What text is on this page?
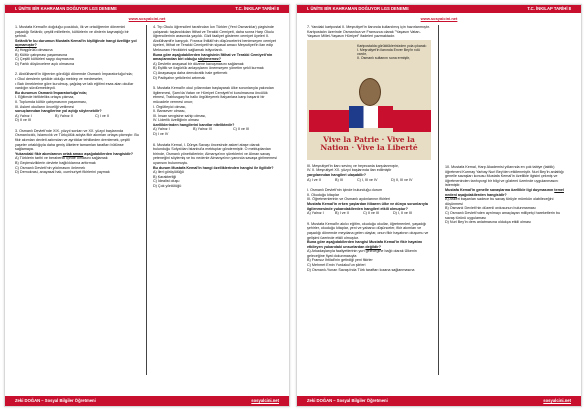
I. ÜNİTE BİR KAHRAMAN DOĞUYOR LGS DENEME	T.C. İNKILAP TARİHİ 8
www.sosyalcini.net

1. Mustafa Kemal'in doğduğu çocukluk, ilk ve ortaöğrenim dönemini yaşadığı Selânik; çeşitli milletlerin, kültürlerin ve dinlerin kaynaştığı bir şehirdi.

Selânik'te bu durumun Mustafa Kemal'in kişiliğinde hangi özelliğe yol açmamıştır?

A) Hoşgörülü olmasına

B) Kültür çatışması yaşamasına

C) Çeşitli kültürleri saygı duymasına

D) Farklı düşüncelere açık olmasına

2. Abdülhamit'in öğrenim gördüğü dönemde Osmanlı İmparatorluğu'nda;

• Okul derslerin şekilde olduğu mektep ve medreseler,

• Batı örneklerine göre kurulmuş, çağdaş ve laik eğitimi esas alan okullar vardığın sürdürmekteydi.

Bu durumun Osmanlı İmparatorluğu'nda;

I. Eğitimde birlikteliks ortaya çıkmaz,

II. Toplumda kültür çatışmasının yaşanması,

III. Askeri okulların önceliği vetilmesi

sonuçlarından hangilerine yol açtığı söylenebilir?

A) Yalnız I	B) Yalnız II	C) I ve II
D) II ve III

3. Osmanlı Devleti'nde XIX. yüzyıl sonları ve XX. yüzyıl başlarında Osmanlıcılık, İslamcılık ve Türkçülük adıyla fikir akımları ortaya çıkmıştır. Bu fikir akımları devleti azlımdan ve ayrılıklar tehlikeden drenlemek, çeşitli yaşeler ortaklığıyla daha geniş ülkelere tamamlan tarafları bütünse sağlamaya.

Yukarıdaki fikir akımlarının ortak amacı aşağıdakilerden hangisidir?

A) Türklerin tarihi ve beraberlik içinde olmasını sağlamak

B) Geçimsizliklerin devlete bağlılıklarına arttırmak

C) Osmanlı Devleti'nin yıkılmasını önlemek

D) Demokrasi, anayasal hak, cumhuriyet fikirlerini yaymak

4. Trp Okulu öğrencileri tarafından İon Türkler (Yeni Osmanlılar) çizgisinde çalışarak: taşlandıkdan İttihat ve Terakki Cemiyeti, daha sonra Harp Okulu öğrencilerinin arasında yayıldı. Gizli faaliyet gösteren cemiyet üyeleri II. Abdülhamit'e karşıydı. Fransız İhtilâli'nin düşüncelerini benimseyen cemiyet üyeleri, İttihat ve Terakki Cemiyeti'nin siyasal amacı Meşrutiyet'in ilan edip Meksuranı Heckkirini sağlamak istiyorlardı.

Buna göre aşağıdakilerden hangisinin İttihat ve Terakki Cemiyeti'nin amaçlarından biri olduğu söylenemez?

A) Devletin anayasal bir düzene kavuşmasını sağlamak

B) Eşitlik ve özgürlük anlayışlarını önemseyen yönetim şekli kurmak

C) Anayasaya daha demokratik hale getirmek

D) Padişahın yetkilerini artırmak

5. Mustafa Kemal'in okul yıllarından başlayarak ülke sorunlarıyla yakından ilgilenmesi, Şam'da Vatan ve Hürriyet Cemiyeti'ni kurulmasına öncülük etmesi, Trablusgarp'ta halkı örgütleyerek İtalyanlara karşı başarılı bir mücadele vermesi onun;

I. Örgütleyici olması,

II. Bansever olması,

III. İnsan sevgisine sahip olması,

IV. Liderlik özelliğinin olması

özelliklerinden hangilerini kanıtlar niteliktedir?

A) Yalnız I	B) Yalnız III	C) II ve III
D) I ve IV

6. Mustafa Kemal, I. Dünya Savaşı öncesinde askeri ataşe olarak bulunduğu Sofya'dan İstanbul'a mektuplar göndermiştir. O mektuplardan birinde, Osmanlı yöneticilerinin; Almanya'nın şüreklerini ve Alman savaş yeteneğini söylemiş ve bu nedenle Almanya'nın yanında savaşa girilmemesi uyarısını bulunmuştu.

Bu durum Mustafa Kemal'in hangi özelliklerinden hangisi ile ilgilidir?

A) İleri görüşlülüğü

B) Karakterliği

C) İdealist oluşu

D) Çok yönlülüğü

Zeki DOĞAN – Sosyal Bilgiler Öğretmeni	sosyalcini.net
I. ÜNİTE BİR KAHRAMAN DOĞUYOR LGS DENEME	T.C. İNKILAP TARİHİ 8
www.sosyalcini.net

7. Yandaki kartpostal II. Meşrutiyet'in ilanında kullanılmış için hazırlanmıştır. Kartpostalın üzerinde Osmanlıca ve Fransızca olarak "Yaşasın Vatan-Yaşasın Millet-Yaşasın Hürriyet" ifadeleri yazmaktadır.

Kartpostalda görüldüklerinizden yola çıkarak:

I. Meşrutiyet'in ilanında Enver Bey'in rolü vardır,

II. Osmanlı sultanını sona ermiştir,

Vive la Patrie · Vive la Nation · Vive la Liberté

III. Meşrutiyet'in ilanı sevinç ve heyecanla karşılanmıştır,

IV. II. Meşrutiyet XX. yüzyıl başlarında ilan edilmiştir

yargılarından hangileri ulaşabilir?

A) I ve II	B) III	C) I, III ve IV	D) II, III ve IV

I. Osmanlı Devleti'nin içinde bulunduğu durum

II. Okuduğu kitaplar

III. Öğretmenlerinin ve Osmanlı aydınlarının fikirleri

Mustafa Kemal'in erken yaşlardan itibaren ülke ve dünya sorunlarıyla ilgilenmesinde yukarıdakilerden hangileri etkili olmuştur?

A) Yalnız I	B) I ve II	C) II ve III	D) I, II ve III

9. Mustafa Kemal'in akılcı eğitim, okuduğu okullar, öğretmenleri, yaşadığı şehirler, okuduğu kitaplar, yeni ve yabancı düşünceler, fikir akımları ve yaşadığı dönemde meydana gelen olaylar, onun fikir hayatının oluşumu ve gelişimi üzerinde etkili olmuştur.

Buna göre aşağıdakilerden hangisi Mustafa Kemal'in fikir hayatını etkileyen yukarıdaki unsurlardan değildir?

A) Arkadaşlarıyla faaliyetlerinin yurt geleceğine bağlı olarak Ülkenin geleceğine fiyat dokunmasıyla

B) Fransız İhtilali'nin getirdiği yeni fikirler

C) Mehmet Emin Yurdakul'un şiirleri

D) Osmanlı-Yunan Savaşı'nda Türk taraftarı lozana sağlanmasına

10. Mustafa Kemal, Harp Akademisi yıllarında en çok tabiye (taktik) öğretmeni Kurmay Yarbay Nuri Bey'den etkilenmiştir. Nuri Bey'in anlattığı genelle savaşları konusu Mustafa Kemal'in özellikle ilgisini çekmiş ve öğretmeninden tanhıyorgi bir bilgi ve gözlemi üzerinde uygulanmasını istemiştir.

Mustafa Kemal'in genelle savaşlarına özellikle ilgi duymasının temel nedeni aşağıdakilerden hangisidir?

A) Askeri başarıları sadece bu savaş türüyle mümkün olabileceğini düşünmesi

B) Osmanlı Devleti'nin düzenli ordusunun bulunmaması

C) Osmanlı Devleti'nden ayrılmayı amaçlayan milliyetçi hareketlerin bu savaş türünü uygulaması

D) Nuri Bey'in ders anlatmasına oldukça etkili olması

Zeki DOĞAN – Sosyal Bilgiler Öğretmeni	sosyalcini.net
